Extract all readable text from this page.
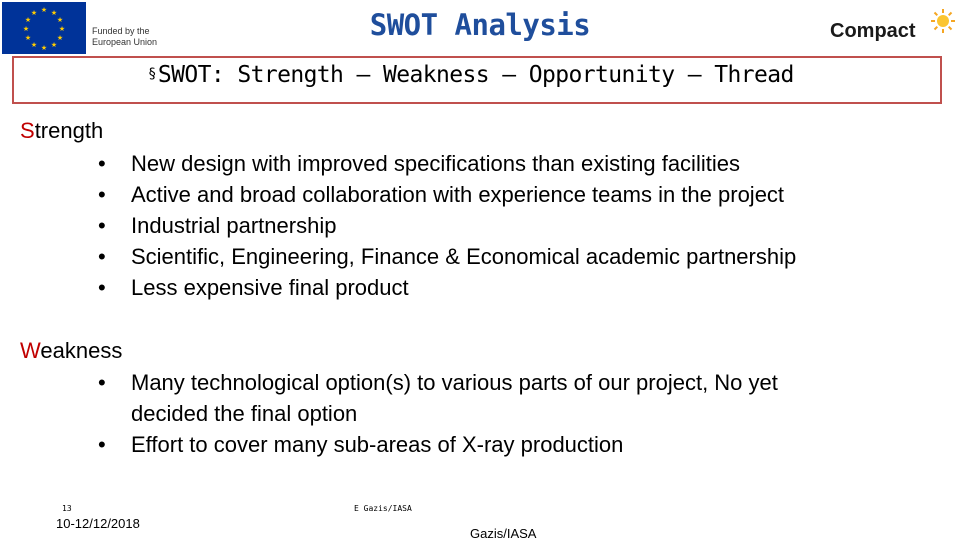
★ ★
★
★
★
★
★
★
★
★
★
★
Funded by the
European Union	SWOT Analysis	Compact
§SWOT: Strength – Weakness – Opportunity – Thread
Strength
• New design with improved specifications than existing facilities

• Active and broad collaboration with experience teams in the project

• Industrial partnership

• Scientific, Engineering, Finance & Economical academic partnership

• Less expensive final product

Weakness
• Many technological option(s) to various parts of our project, No yet

decided the final option

• Effort to cover many sub-areas of X-ray production

13	E Gazis/IASA
10-12/12/2018
Gazis/IASA
